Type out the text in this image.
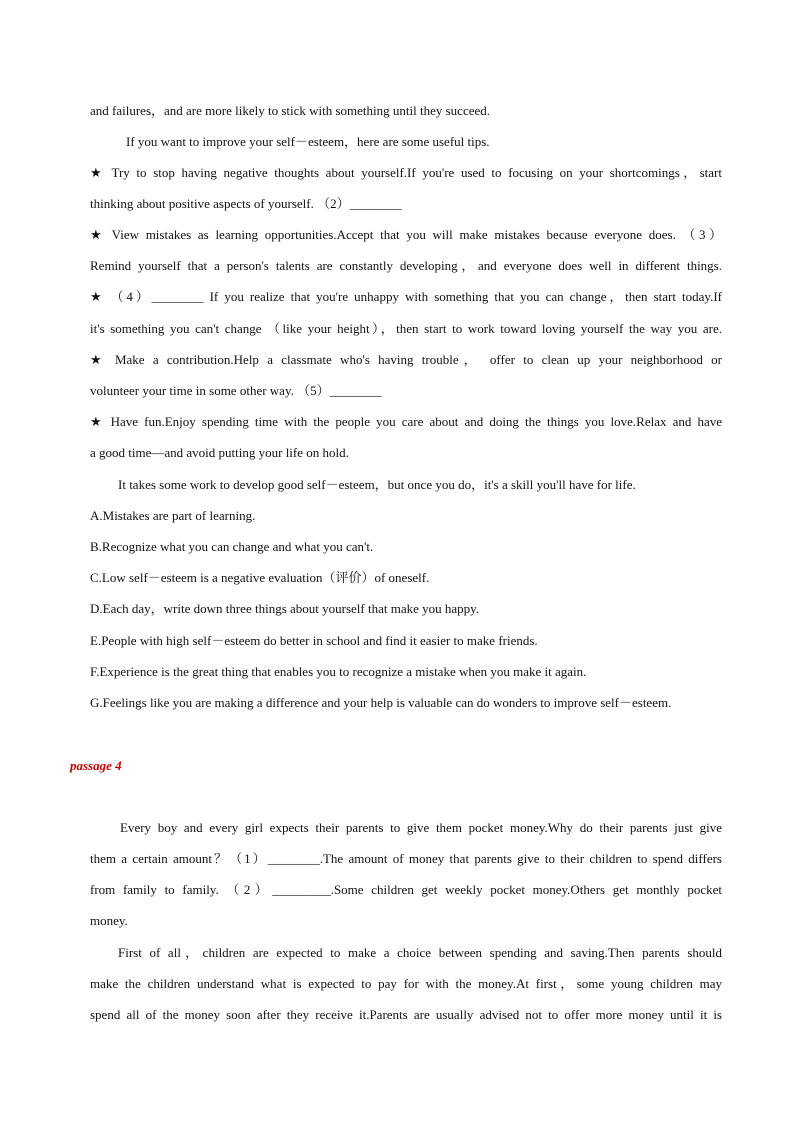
and failures，and are more likely to stick with something until they succeed.
If you want to improve your self－esteem，here are some useful tips.
★ Try to stop having negative thoughts about yourself.If you're used to focusing on your shortcomings，start
thinking about positive aspects of yourself. （2）________
★ View mistakes as learning opportunities.Accept that you will make mistakes because everyone does. （3）
Remind yourself that a person's talents are constantly developing，and everyone does well in different things.
★ （4）________ If you realize that you're unhappy with something that you can change，then start today.If
it's something you can't change （like your height），then start to work toward loving yourself the way you are.
★ Make a contribution.Help a classmate who's having trouble， offer to clean up your neighborhood or
volunteer your time in some other way. （5）________
★ Have fun.Enjoy spending time with the people you care about and doing the things you love.Relax and have
a good time—and avoid putting your life on hold.
It takes some work to develop good self－esteem，but once you do，it's a skill you'll have for life.
A.Mistakes are part of learning.
B.Recognize what you can change and what you can't.
C.Low self－esteem is a negative evaluation（评价）of oneself.
D.Each day，write down three things about yourself that make you happy.
E.People with high self－esteem do better in school and find it easier to make friends.
F.Experience is the great thing that enables you to recognize a mistake when you make it again.
G.Feelings like you are making a difference and your help is valuable can do wonders to improve self－esteem.
passage 4
Every boy and every girl expects their parents to give them pocket money.Why do their parents just give
them a certain amount？（1）________.The amount of money that parents give to their children to spend differs
from family to family. （2）_________.Some children get weekly pocket money.Others get monthly pocket
money.
First of all，children are expected to make a choice between spending and saving.Then parents should
make the children understand what is expected to pay for with the money.At first，some young children may
spend all of the money soon after they receive it.Parents are usually advised not to offer more money until it is
